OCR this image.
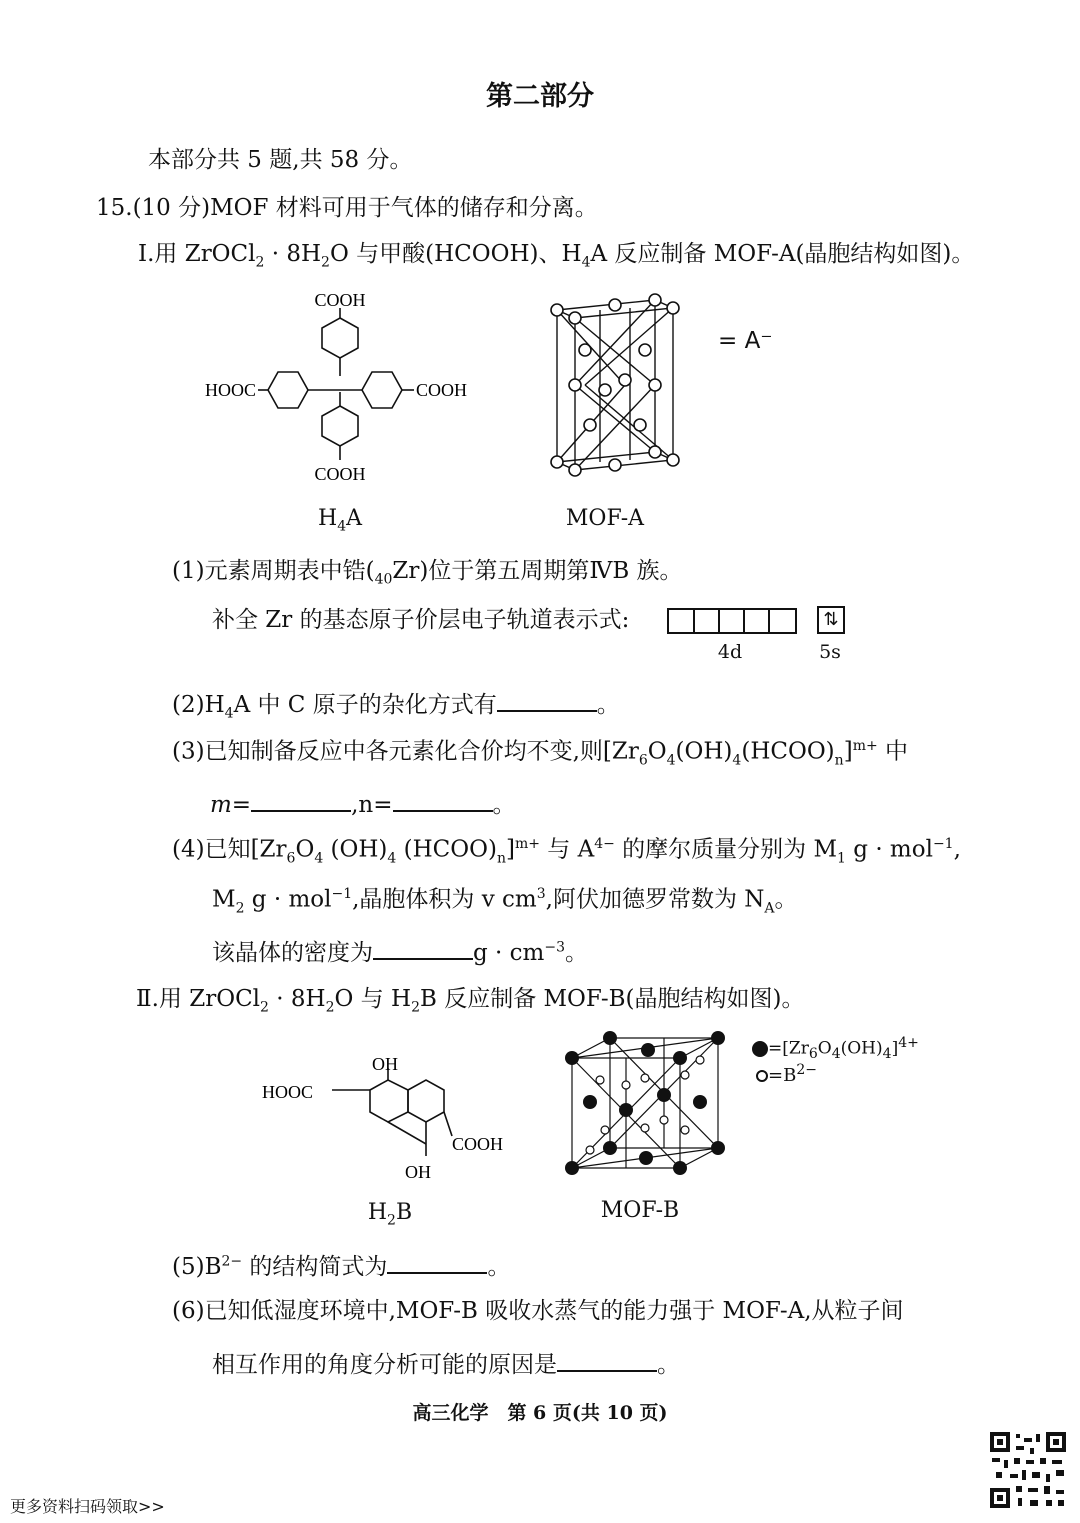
第二部分
本部分共 5 题,共 58 分。
15.(10 分)MOF 材料可用于气体的储存和分离。
Ⅰ.用 ZrOCl$_2$ · $8H_2O$ 与甲酸(HCOOH)、$H_4A$ 反应制备 MOF-A(晶胞结构如图)。
COOH
COOH
COOH
HOOC
$H_4A$
= A⁻
MOF-A
(1)元素周期表中锆$(_{40}Zr)$位于第五周期第ⅣB 族。
补全 Zr 的基态原子价层电子轨道表示式:	⇅
4d	5s
$(2)H_4A$ 中 C 原子的杂化方式有	。
(3)已知制备反应中各元素化合价均不变,则$[Zr_6O_4(OH)_4(HCOO)_n]^{m+}$ 中
m=	,n=	。
(4)已知[$Zr_6O_4$ $(OH)_4$ $(HCOO)_n]^{m+}$ 与 $A^{4-}$ 的摩尔质量分别为 $M_1$ g · mol$^{-1}$,
$M_2$ g · mol$^{-1}$,晶胞体积为 v $cm^3$,阿伏加德罗常数为 $N_A$。
该晶体的密度为	$g \cdot cm^{-3}$。
Ⅱ.用 ZrOCl$_2$ · $8H_2O$ 与 $H_2B$ 反应制备 MOF-B(晶胞结构如图)。
OH
OH
HOOC
COOH
$H_2B$	MOF-B
$=[Zr_6O_4(OH)_4]^{4+}$
$=B^{2-}$
$(5)B^{2-}$ 的结构简式为	。
(6)已知低湿度环境中,MOF-B 吸收水蒸气的能力强于 MOF-A,从粒子间
相互作用的角度分析可能的原因是	。
高三化学　第 6 页(共 10 页)
更多资料扫码领取>>
